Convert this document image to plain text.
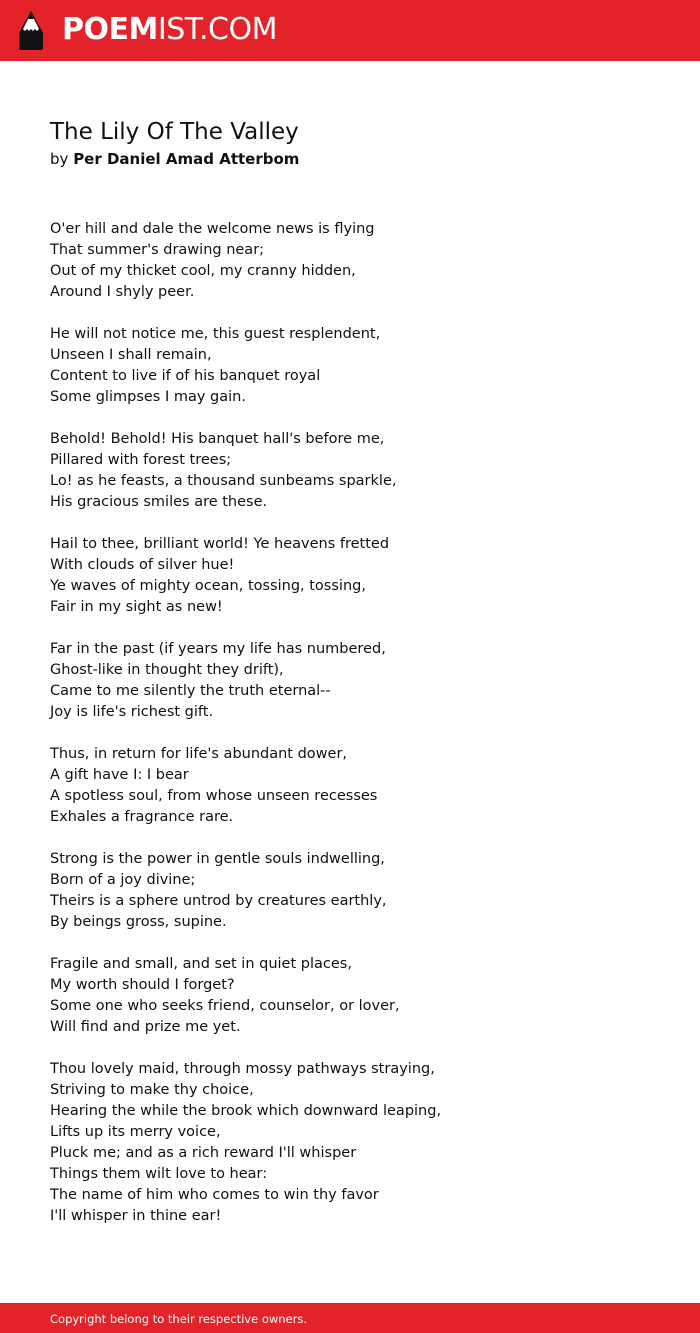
POEMIST.COM
The Lily Of The Valley
by Per Daniel Amad Atterbom
O'er hill and dale the welcome news is flying
That summer's drawing near;
Out of my thicket cool, my cranny hidden,
Around I shyly peer.
He will not notice me, this guest resplendent,
Unseen I shall remain,
Content to live if of his banquet royal
Some glimpses I may gain.
Behold! Behold! His banquet hall's before me,
Pillared with forest trees;
Lo! as he feasts, a thousand sunbeams sparkle,
His gracious smiles are these.
Hail to thee, brilliant world! Ye heavens fretted
With clouds of silver hue!
Ye waves of mighty ocean, tossing, tossing,
Fair in my sight as new!
Far in the past (if years my life has numbered,
Ghost-like in thought they drift),
Came to me silently the truth eternal--
Joy is life's richest gift.
Thus, in return for life's abundant dower,
A gift have I: I bear
A spotless soul, from whose unseen recesses
Exhales a fragrance rare.
Strong is the power in gentle souls indwelling,
Born of a joy divine;
Theirs is a sphere untrod by creatures earthly,
By beings gross, supine.
Fragile and small, and set in quiet places,
My worth should I forget?
Some one who seeks friend, counselor, or lover,
Will find and prize me yet.
Thou lovely maid, through mossy pathways straying,
Striving to make thy choice,
Hearing the while the brook which downward leaping,
Lifts up its merry voice,
Pluck me; and as a rich reward I'll whisper
Things them wilt love to hear:
The name of him who comes to win thy favor
I'll whisper in thine ear!
Copyright belong to their respective owners.
